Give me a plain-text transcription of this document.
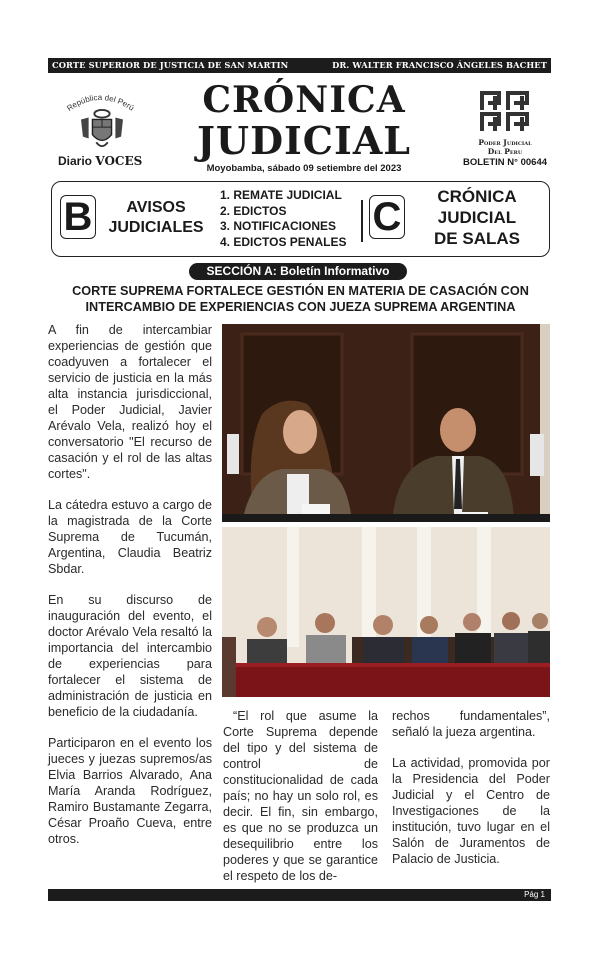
CORTE SUPERIOR DE JUSTICIA DE SAN MARTIN	DR. WALTER FRANCISCO ÁNGELES BACHET
República del Perú
Diario VOCES
CRÓNICA
JUDICIAL
Moyobamba, sábado 09 setiembre del 2023
Poder Judicial
Del Peru
BOLETIN N° 00644
B	AVISOS
JUDICIALES
1. REMATE JUDICIAL
2. EDICTOS
3. NOTIFICACIONES
4. EDICTOS PENALES
C	CRÓNICA
JUDICIAL
DE SALAS
SECCIÓN A: Boletín Informativo
CORTE SUPREMA FORTALECE GESTIÓN EN MATERIA DE CASACIÓN CON INTERCAMBIO DE EXPERIENCIAS CON JUEZA SUPREMA ARGENTINA

A fin de intercambiar experiencias de gestión que coadyuven a fortalecer el servicio de justicia en la más alta instancia jurisdiccional, el Poder Judicial, Javier Arévalo Vela, realizó hoy el conversatorio "El recurso de casación y el rol de las altas cortes".

La cátedra estuvo a cargo de la magistrada de la Corte Suprema de Tucumán, Argentina, Claudia Beatriz Sbdar.

En su discurso de inauguración del evento, el doctor Arévalo Vela resaltó la importancia del intercambio de experiencias para fortalecer el sistema de administración de justicia en beneficio de la ciudadanía.

Participaron en el evento los jueces y juezas supremos/as Elvia Barrios Alvarado, Ana María Aranda Rodríguez, Ramiro Bustamante Zegarra, César Proaño Cueva, entre otros.

“El rol que asume la Corte Suprema depende del tipo y del sistema de control de constitucionalidad de cada país; no hay un solo rol, es decir. El fin, sin embargo, es que no se produzca un desequilibrio entre los poderes y que se garantice el respeto de los de-

rechos fundamentales”, señaló la jueza argentina.

La actividad, promovida por la Presidencia del Poder Judicial y el Centro de Investigaciones de la institución, tuvo lugar en el Salón de Juramentos de Palacio de Justicia.

Pág 1
